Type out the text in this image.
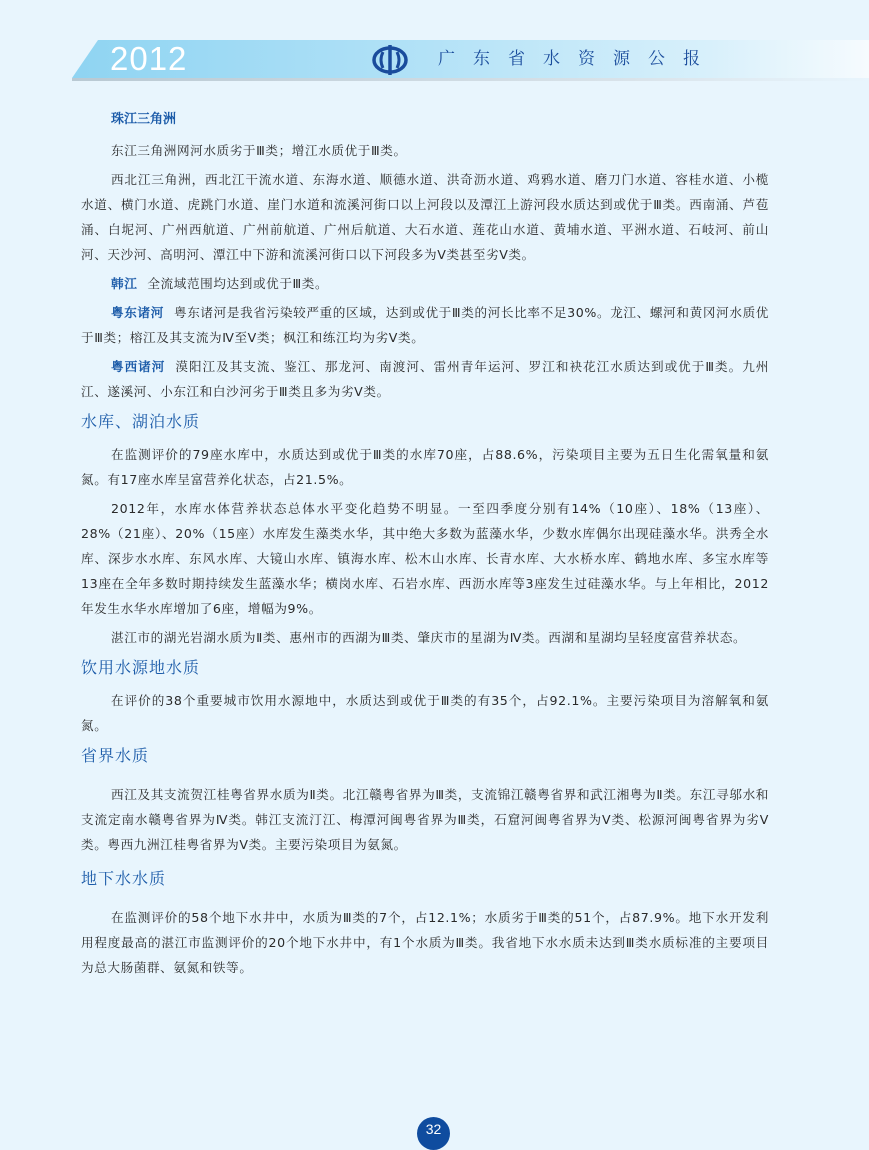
2012	广东省水资源公报
珠江三角洲

东江三角洲网河水质劣于Ⅲ类；增江水质优于Ⅲ类。

西北江三角洲，西北江干流水道、东海水道、顺德水道、洪奇沥水道、鸡鸦水道、磨刀门水道、容桂水道、小榄水道、横门水道、虎跳门水道、崖门水道和流溪河街口以上河段以及潭江上游河段水质达到或优于Ⅲ类。西南涌、芦苞涌、白坭河、广州西航道、广州前航道、广州后航道、大石水道、莲花山水道、黄埔水道、平洲水道、石岐河、前山河、天沙河、高明河、潭江中下游和流溪河街口以下河段多为Ⅴ类甚至劣Ⅴ类。

韩江 全流域范围均达到或优于Ⅲ类。

粤东诸河 粤东诸河是我省污染较严重的区域，达到或优于Ⅲ类的河长比率不足30%。龙江、螺河和黄冈河水质优于Ⅲ类；榕江及其支流为Ⅳ至Ⅴ类；枫江和练江均为劣Ⅴ类。

粤西诸河 漠阳江及其支流、鉴江、那龙河、南渡河、雷州青年运河、罗江和袂花江水质达到或优于Ⅲ类。九州江、遂溪河、小东江和白沙河劣于Ⅲ类且多为劣Ⅴ类。

水库、湖泊水质

在监测评价的79座水库中，水质达到或优于Ⅲ类的水库70座，占88.6%，污染项目主要为五日生化需氧量和氨氮。有17座水库呈富营养化状态，占21.5%。

2012年，水库水体营养状态总体水平变化趋势不明显。一至四季度分别有14%（10座）、18%（13座）、28%（21座）、20%（15座）水库发生藻类水华，其中绝大多数为蓝藻水华，少数水库偶尔出现硅藻水华。洪秀全水库、深步水水库、东风水库、大镜山水库、镇海水库、松木山水库、长青水库、大水桥水库、鹤地水库、多宝水库等13座在全年多数时期持续发生蓝藻水华；横岗水库、石岩水库、西沥水库等3座发生过硅藻水华。与上年相比，2012年发生水华水库增加了6座，增幅为9%。

湛江市的湖光岩湖水质为Ⅱ类、惠州市的西湖为Ⅲ类、肇庆市的星湖为Ⅳ类。西湖和星湖均呈轻度富营养状态。

饮用水源地水质

在评价的38个重要城市饮用水源地中，水质达到或优于Ⅲ类的有35个，占92.1%。主要污染项目为溶解氧和氨氮。

省界水质

西江及其支流贺江桂粤省界水质为Ⅱ类。北江赣粤省界为Ⅲ类，支流锦江赣粤省界和武江湘粤为Ⅱ类。东江寻邬水和支流定南水赣粤省界为Ⅳ类。韩江支流汀江、梅潭河闽粤省界为Ⅲ类，石窟河闽粤省界为Ⅴ类、松源河闽粤省界为劣Ⅴ类。粤西九洲江桂粤省界为Ⅴ类。主要污染项目为氨氮。

地下水水质

在监测评价的58个地下水井中，水质为Ⅲ类的7个，占12.1%；水质劣于Ⅲ类的51个，占87.9%。地下水开发利用程度最高的湛江市监测评价的20个地下水井中，有1个水质为Ⅲ类。我省地下水水质未达到Ⅲ类水质标准的主要项目为总大肠菌群、氨氮和铁等。

32
